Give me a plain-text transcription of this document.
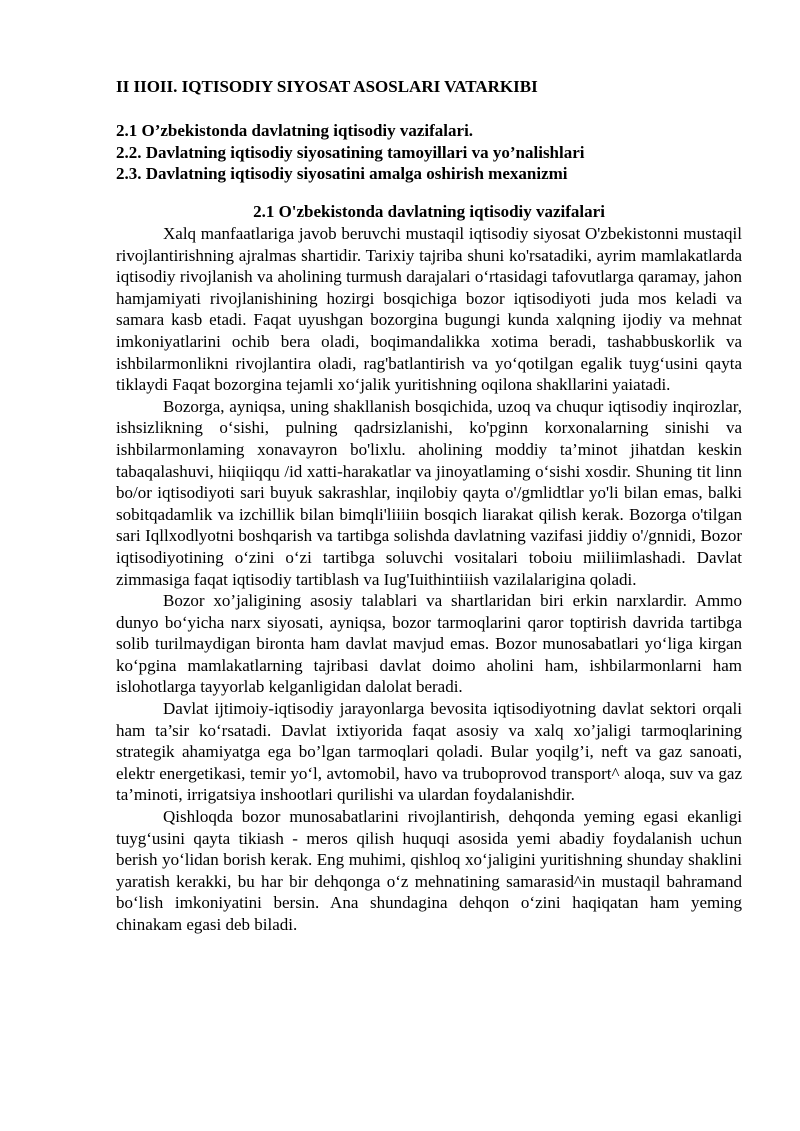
II IIOII. IQTISODIY SIYOSAT ASOSLARI VATARKIBI

2.1 O’zbekistonda davlatning iqtisodiy vazifalari.

2.2. Davlatning iqtisodiy siyosatining tamoyillari va yo’nalishlari

2.3. Davlatning iqtisodiy siyosatini amalga oshirish mexanizmi

2.1 O'zbekistonda davlatning iqtisodiy vazifalari

Xalq manfaatlariga javob beruvchi mustaqil iqtisodiy siyosat O'zbekistonni mustaqil rivojlantirishning ajralmas shartidir. Tarixiy tajriba shuni ko'rsatadiki, ayrim mamlakatlarda iqtisodiy rivojlanish va aholining turmush darajalari o‘rtasidagi tafovutlarga qaramay, jahon hamjamiyati rivojlanishining hozirgi bosqichiga bozor iqtisodiyoti juda mos keladi va samara kasb etadi. Faqat uyushgan bozorgina bugungi kunda xalqning ijodiy va mehnat imkoniyatlarini ochib bera oladi, boqimandalikka xotima beradi, tashabbuskorlik va ishbilarmonlikni rivojlantira oladi, rag'batlantirish va yo‘qotilgan egalik tuyg‘usini qayta tiklaydi Faqat bozorgina tejamli xo‘jalik yuritishning oqilona shakllarini yaiatadi.

Bozorga, ayniqsa, uning shakllanish bosqichida, uzoq va chuqur iqtisodiy inqirozlar, ishsizlikning o‘sishi, pulning qadrsizlanishi, ko'pginn korxonalarning sinishi va ishbilarmonlaming xonavayron bo'lixlu. aholining moddiy ta’minot jihatdan keskin tabaqalashuvi, hiiqiiqqu /id xatti-harakatlar va jinoyatlaming o‘sishi xosdir. Shuning tit linn bo/or iqtisodiyoti sari buyuk sakrashlar, inqilobiy qayta o'/gmlidtlar yo'li bilan emas, balki sobitqadamlik va izchillik bilan bimqli'liiiin bosqich liarakat qilish kerak. Bozorga o'tilgan sari Iqllxodlyotni boshqarish va tartibga solishda davlatning vazifasi jiddiy o'/gnnidi, Bozor iqtisodiyotining o‘zini o‘zi tartibga soluvchi vositalari toboiu miiliimlashadi. Davlat zimmasiga faqat iqtisodiy tartiblash va Iug'Iuithintiiish vazilalarigina qoladi.

Bozor xo’jaligining asosiy talablari va shartlaridan biri erkin narxlardir. Ammo dunyo bo‘yicha narx siyosati, ayniqsa, bozor tarmoqlarini qaror toptirish davrida tartibga solib turilmaydigan bironta ham davlat mavjud emas. Bozor munosabatlari yo‘liga kirgan ko‘pgina mamlakatlarning tajribasi davlat doimo aholini ham, ishbilarmonlarni ham islohotlarga tayyorlab kelganligidan dalolat beradi.

Davlat ijtimoiy-iqtisodiy jarayonlarga bevosita iqtisodiyotning davlat sektori orqali ham ta’sir ko‘rsatadi. Davlat ixtiyorida faqat asosiy va xalq xo’jaligi tarmoqlarining strategik ahamiyatga ega bo’lgan tarmoqlari qoladi. Bular yoqilg’i, neft va gaz sanoati, elektr energetikasi, temir yo‘l, avtomobil, havo va truboprovod transport^ aloqa, suv va gaz ta’minoti, irrigatsiya inshootlari qurilishi va ulardan foydalanishdir.

Qishloqda bozor munosabatlarini rivojlantirish, dehqonda yeming egasi ekanligi tuyg‘usini qayta tikiash - meros qilish huquqi asosida yemi abadiy foydalanish uchun berish yo‘lidan borish kerak. Eng muhimi, qishloq xo‘jaligini yuritishning shunday shaklini yaratish kerakki, bu har bir dehqonga o‘z mehnatining samarasid^in mustaqil bahramand bo‘lish imkoniyatini bersin. Ana shundagina dehqon o‘zini haqiqatan ham yeming chinakam egasi deb biladi.
